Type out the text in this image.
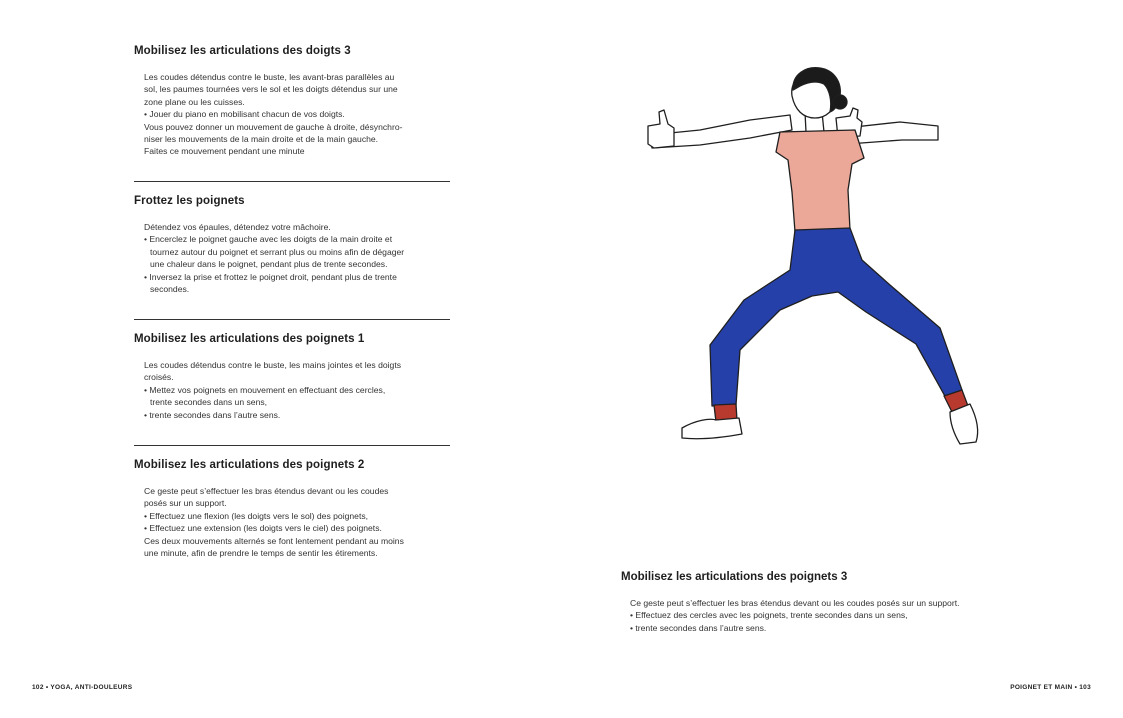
Mobilisez les articulations des doigts 3

Les coudes détendus contre le buste, les avant-bras parallèles au

sol, les paumes tournées vers le sol et les doigts détendus sur une

zone plane ou les cuisses.

• Jouer du piano en mobilisant chacun de vos doigts.

Vous pouvez donner un mouvement de gauche à droite, désynchro-

niser les mouvements de la main droite et de la main gauche.

Faites ce mouvement pendant une minute

Frottez les poignets

Détendez vos épaules, détendez votre mâchoire.

• Encerclez le poignet gauche avec les doigts de la main droite et

tournez autour du poignet et serrant plus ou moins afin de dégager

une chaleur dans le poignet, pendant plus de trente secondes.

• Inversez la prise et frottez le poignet droit, pendant plus de trente

secondes.

Mobilisez les articulations des poignets 1

Les coudes détendus contre le buste, les mains jointes et les doigts

croisés.

• Mettez vos poignets en mouvement en effectuant des cercles,

trente secondes dans un sens,

• trente secondes dans l’autre sens.

Mobilisez les articulations des poignets 2

Ce geste peut s’effectuer les bras étendus devant ou les coudes

posés sur un support.

• Effectuez une flexion (les doigts vers le sol) des poignets,

• Effectuez une extension (les doigts vers le ciel) des poignets.

Ces deux mouvements alternés se font lentement pendant au moins

une minute, afin de prendre le temps de sentir les étirements.

102 • YOGA, ANTI-DOULEURS
Mobilisez les articulations des poignets 3

Ce geste peut s’effectuer les bras étendus devant ou les coudes posés sur un support.

• Effectuez des cercles avec les poignets, trente secondes dans un sens,

• trente secondes dans l’autre sens.

POIGNET ET MAIN • 103
